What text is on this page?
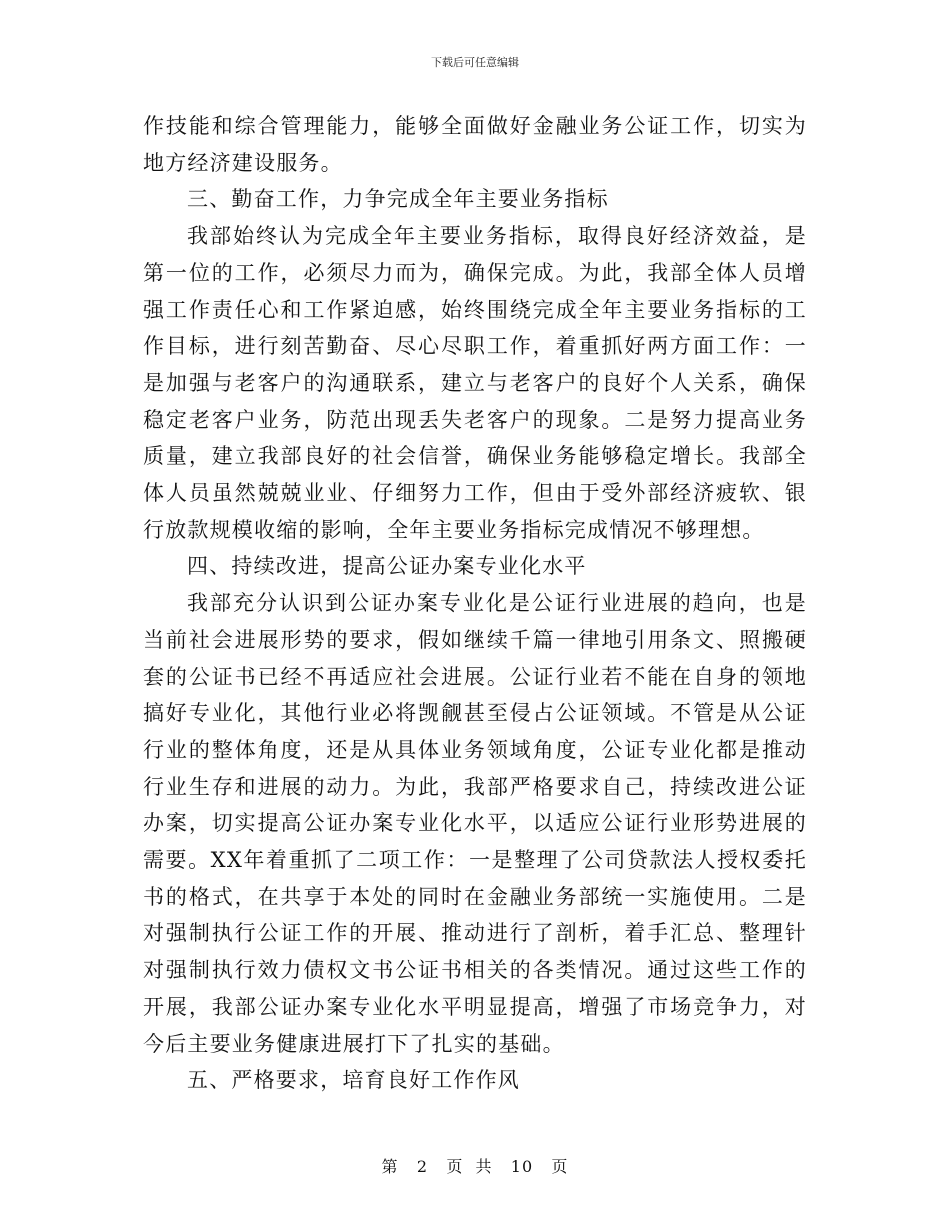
下载后可任意编辑

作技能和综合管理能力，能够全面做好金融业务公证工作，切实为地方经济建设服务。

三、勤奋工作，力争完成全年主要业务指标

我部始终认为完成全年主要业务指标，取得良好经济效益，是第一位的工作，必须尽力而为，确保完成。为此，我部全体人员增强工作责任心和工作紧迫感，始终围绕完成全年主要业务指标的工作目标，进行刻苦勤奋、尽心尽职工作，着重抓好两方面工作：一是加强与老客户的沟通联系，建立与老客户的良好个人关系，确保稳定老客户业务，防范出现丢失老客户的现象。二是努力提高业务质量，建立我部良好的社会信誉，确保业务能够稳定增长。我部全体人员虽然兢兢业业、仔细努力工作，但由于受外部经济疲软、银行放款规模收缩的影响，全年主要业务指标完成情况不够理想。

四、持续改进，提高公证办案专业化水平

我部充分认识到公证办案专业化是公证行业进展的趋向，也是当前社会进展形势的要求，假如继续千篇一律地引用条文、照搬硬套的公证书已经不再适应社会进展。公证行业若不能在自身的领地搞好专业化，其他行业必将觊觎甚至侵占公证领域。不管是从公证行业的整体角度，还是从具体业务领域角度，公证专业化都是推动行业生存和进展的动力。为此，我部严格要求自己，持续改进公证办案，切实提高公证办案专业化水平，以适应公证行业形势进展的需要。XX年着重抓了二项工作：一是整理了公司贷款法人授权委托书的格式，在共享于本处的同时在金融业务部统一实施使用。二是对强制执行公证工作的开展、推动进行了剖析，着手汇总、整理针对强制执行效力债权文书公证书相关的各类情况。通过这些工作的开展，我部公证办案专业化水平明显提高，增强了市场竞争力，对今后主要业务健康进展打下了扎实的基础。

五、严格要求，培育良好工作作风

第 2 页  共 10 页
